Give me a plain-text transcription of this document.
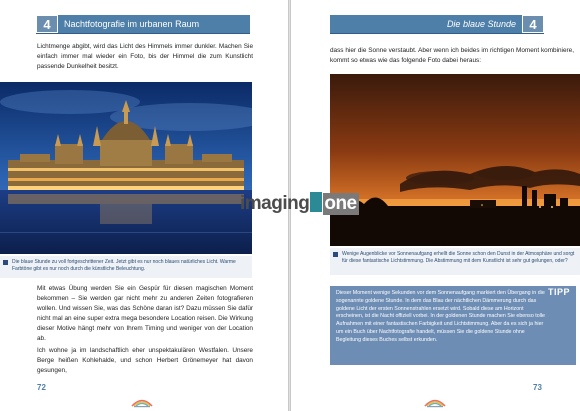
4	Nachtfotografie im urbanen Raum

Lichtmenge abgibt, wird das Licht des Himmels immer dunkler. Machen Sie einfach immer mal wieder ein Foto, bis der Himmel die zum Kunstlicht passende Dunkelheit besitzt.

Die blaue Stunde zu voll fortgeschrittener Zeit. Jetzt gibt es nur noch blaues natürliches Licht. Warme Farbtöne gibt es nur noch durch die künstliche Beleuchtung.

Mit etwas Übung werden Sie ein Gespür für diesen magischen Moment bekommen – Sie werden gar nicht mehr zu anderen Zeiten fotografieren wollen. Und wissen Sie, was das Schöne daran ist? Dazu müssen Sie dafür nicht mal an eine super extra mega besondere Location reisen. Die Wirkung dieser Motive hängt mehr von Ihrem Timing und weniger von der Location ab.

Ich wohne ja im landschaftlich eher unspektakulären Westfalen. Unsere Berge heißen Kohlehalde, und schon Herbert Grönemeyer hat davon gesungen,

72
Die blaue Stunde	4

dass hier die Sonne verstaubt. Aber wenn ich beides im richtigen Moment kombiniere, kommt so etwas wie das folgende Foto dabei heraus:

Wenige Augenblicke vor Sonnenaufgang erhellt die Sonne schon den Dunst in der Atmosphäre und sorgt für diese fantastische Lichtstimmung. Die Abstimmung mit dem Kunstlicht ist sehr gut gelungen, oder?
TIPP
Dieser Moment wenige Sekunden vor dem Sonnenaufgang markiert den Übergang in die sogenannte goldene Stunde. In dem das Blau der nächtlichen Dämmerung durch das goldene Licht der ersten Sonnenstrahlen ersetzt wird. Sobald diese am Horizont erscheinen, ist die Nacht offiziell vorbei. In der goldenen Stunde machen Sie ebenso tolle Aufnahmen mit einer fantastischen Farbigkeit und Lichtstimmung. Aber da es sich ja hier um ein Buch über Nachtfotografie handelt, müssen Sie die goldene Stunde ohne Begleitung dieses Buches selbst erkunden.
73
imaging one
